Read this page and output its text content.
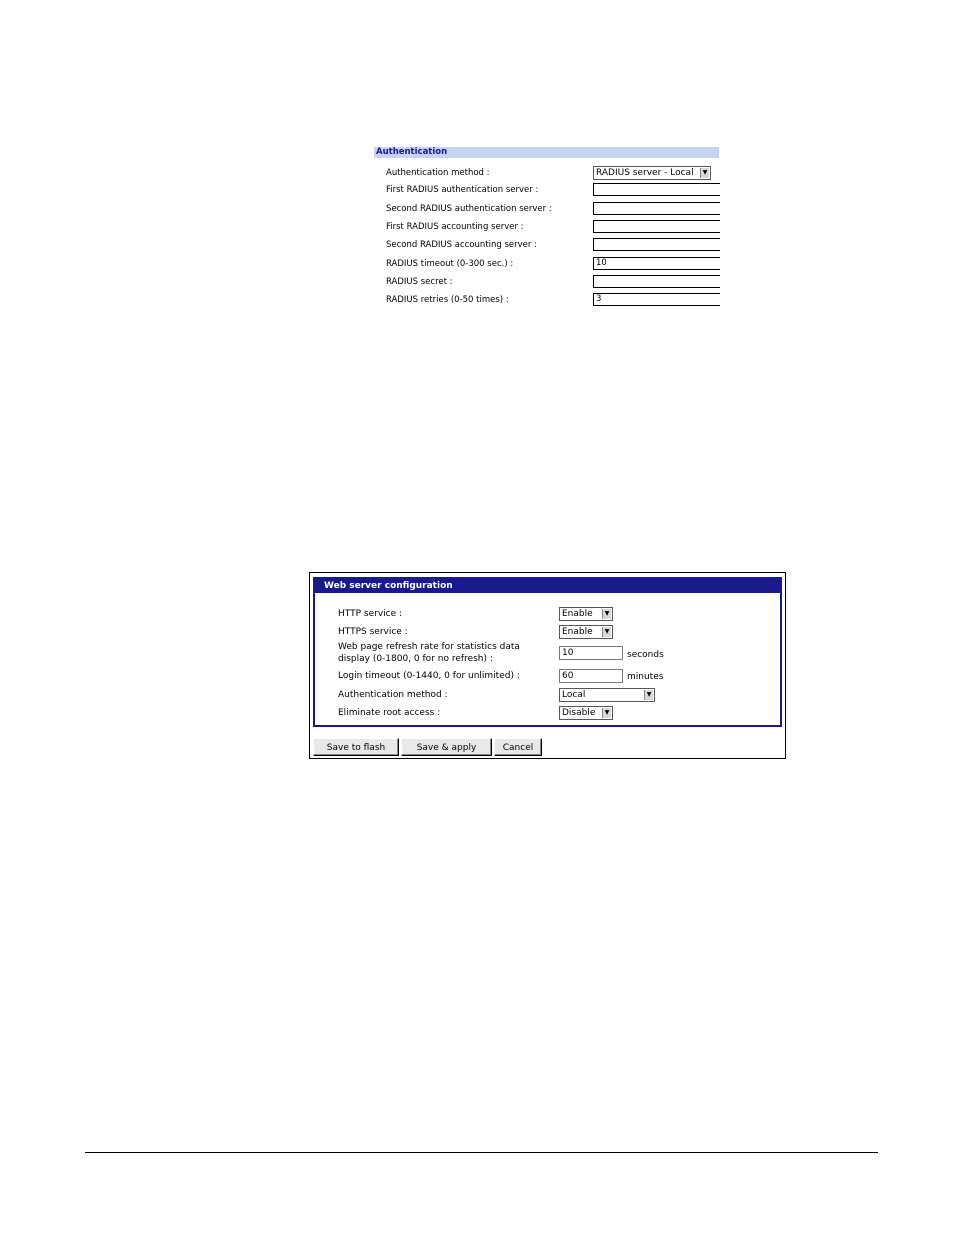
Authentication
Authentication method :	RADIUS server - Local	▼
First RADIUS authentication server :
Second RADIUS authentication server :
First RADIUS accounting server :
Second RADIUS accounting server :
RADIUS timeout (0-300 sec.) :	10
RADIUS secret :
RADIUS retries (0-50 times) :	3
Web server configuration
HTTP service :	Enable	▼
HTTPS service :	Enable	▼
Web page refresh rate for statistics data
display (0-1800, 0 for no refresh) :
10	seconds
Login timeout (0-1440, 0 for unlimited) :	60	minutes
Authentication method :	Local	▼
Eliminate root access :	Disable	▼
Save to flash	Save & apply	Cancel
